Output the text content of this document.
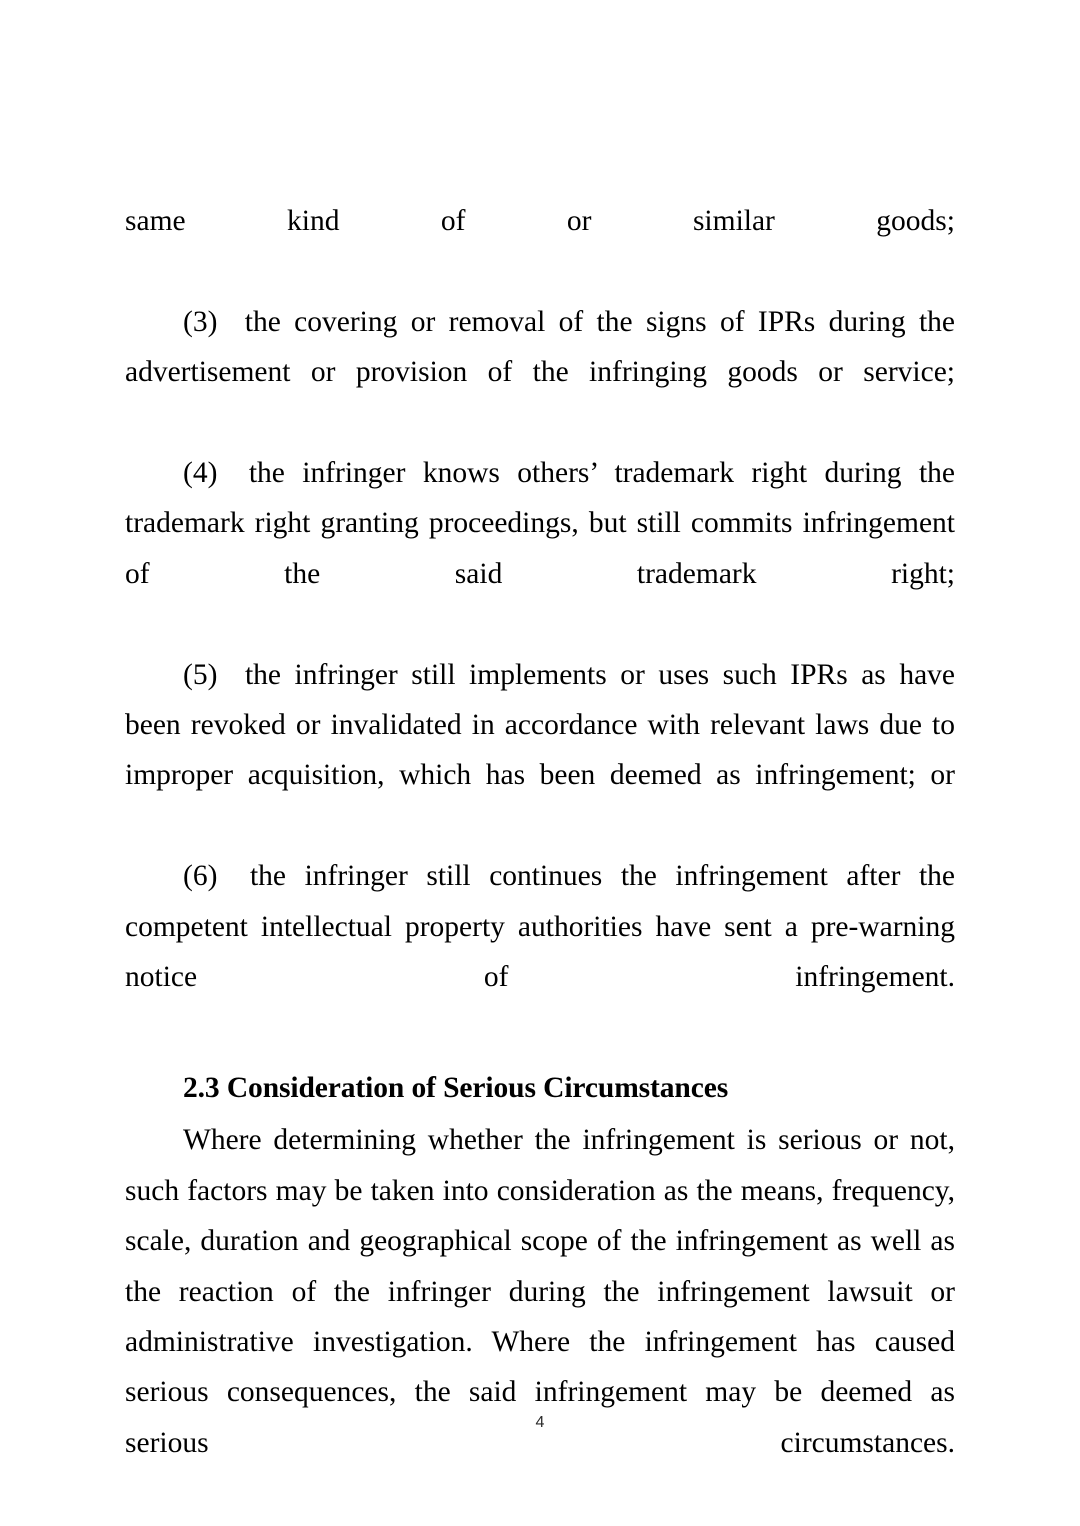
same kind of or similar goods;

(3) the covering or removal of the signs of IPRs during the advertisement or provision of the infringing goods or service;

(4) the infringer knows others’ trademark right during the trademark right granting proceedings, but still commits infringement of the said trademark right;

(5) the infringer still implements or uses such IPRs as have been revoked or invalidated in accordance with relevant laws due to improper acquisition, which has been deemed as infringement; or

(6) the infringer still continues the infringement after the competent intellectual property authorities have sent a pre-warning notice of infringement.

2.3 Consideration of Serious Circumstances

Where determining whether the infringement is serious or not, such factors may be taken into consideration as the means, frequency, scale, duration and geographical scope of the infringement as well as the reaction of the infringer during the infringement lawsuit or administrative investigation. Where the infringement has caused serious consequences, the said infringement may be deemed as serious circumstances.

4
